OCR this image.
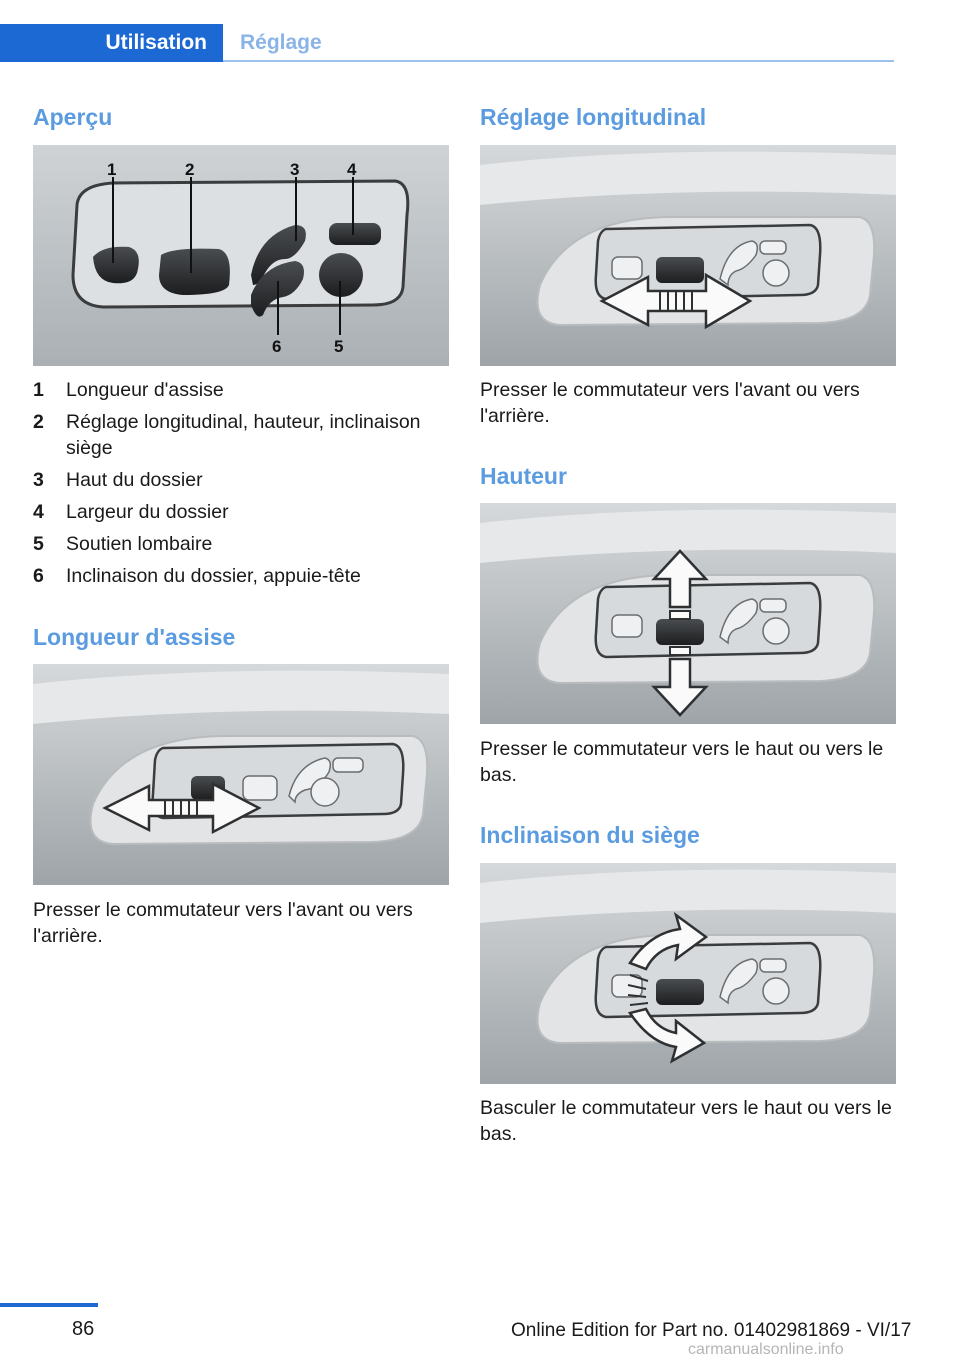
Utilisation	Réglage
Aperçu
1	2	3	4
6	5
1 Longueur d'assise
2 Réglage longitudinal, hauteur, inclinaison siège
3 Haut du dossier
4 Largeur du dossier
5 Soutien lombaire
6 Inclinaison du dossier, appuie-tête
Longueur d'assise
Presser le commutateur vers l'avant ou vers l'arrière.
Réglage longitudinal
Presser le commutateur vers l'avant ou vers l'arrière.
Hauteur
Presser le commutateur vers le haut ou vers le bas.
Inclinaison du siège
Basculer le commutateur vers le haut ou vers le bas.
86	Online Edition for Part no. 01402981869 - VI/17
carmanualsonline.info
